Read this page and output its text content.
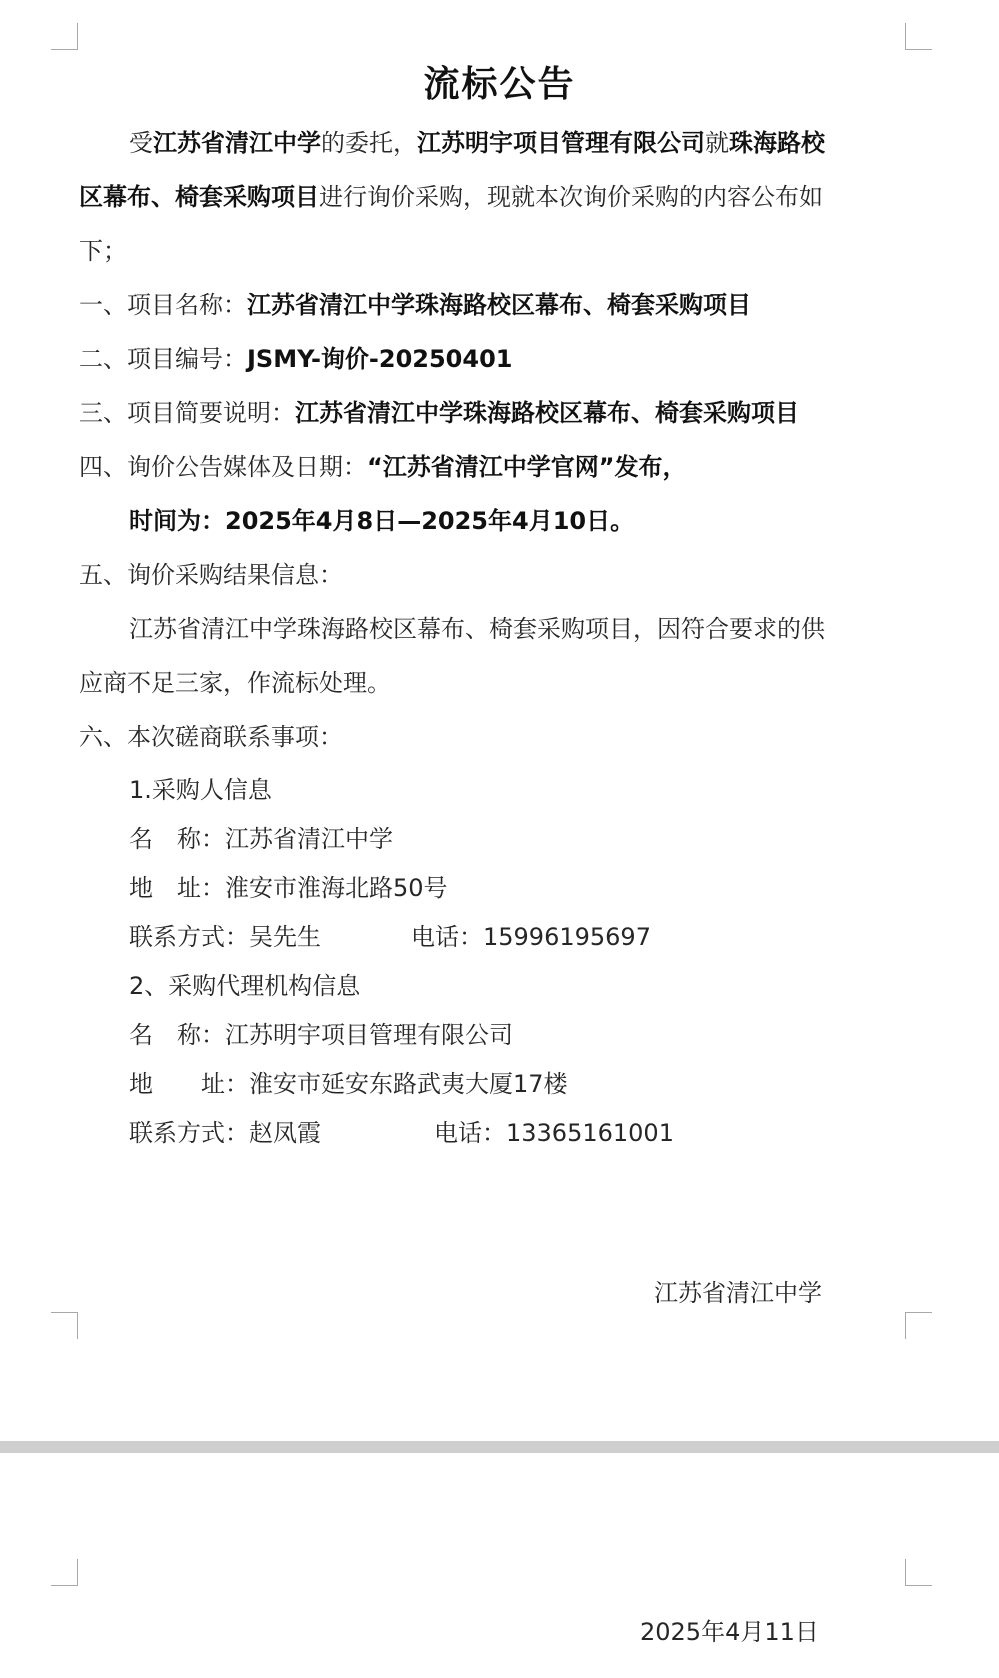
流标公告
受江苏省清江中学的委托，江苏明宇项目管理有限公司就珠海路校
区幕布、椅套采购项目进行询价采购，现就本次询价采购的内容公布如
下；
一、项目名称：江苏省清江中学珠海路校区幕布、椅套采购项目
二、项目编号：JSMY-询价-20250401
三、项目简要说明：江苏省清江中学珠海路校区幕布、椅套采购项目
四、询价公告媒体及日期：“江苏省清江中学官网”发布，
时间为：2025年4月8日—2025年4月10日。
五、询价采购结果信息：
江苏省清江中学珠海路校区幕布、椅套采购项目，因符合要求的供
应商不足三家，作流标处理。
六、本次磋商联系事项：
1.采购人信息
名　称：江苏省清江中学
地　址：淮安市淮海北路50号
联系方式：吴先生	电话：15996195697
2、采购代理机构信息
名　称：江苏明宇项目管理有限公司
地　　址：淮安市延安东路武夷大厦17楼
联系方式：赵凤霞	电话：13365161001
江苏省清江中学
2025年4月11日
